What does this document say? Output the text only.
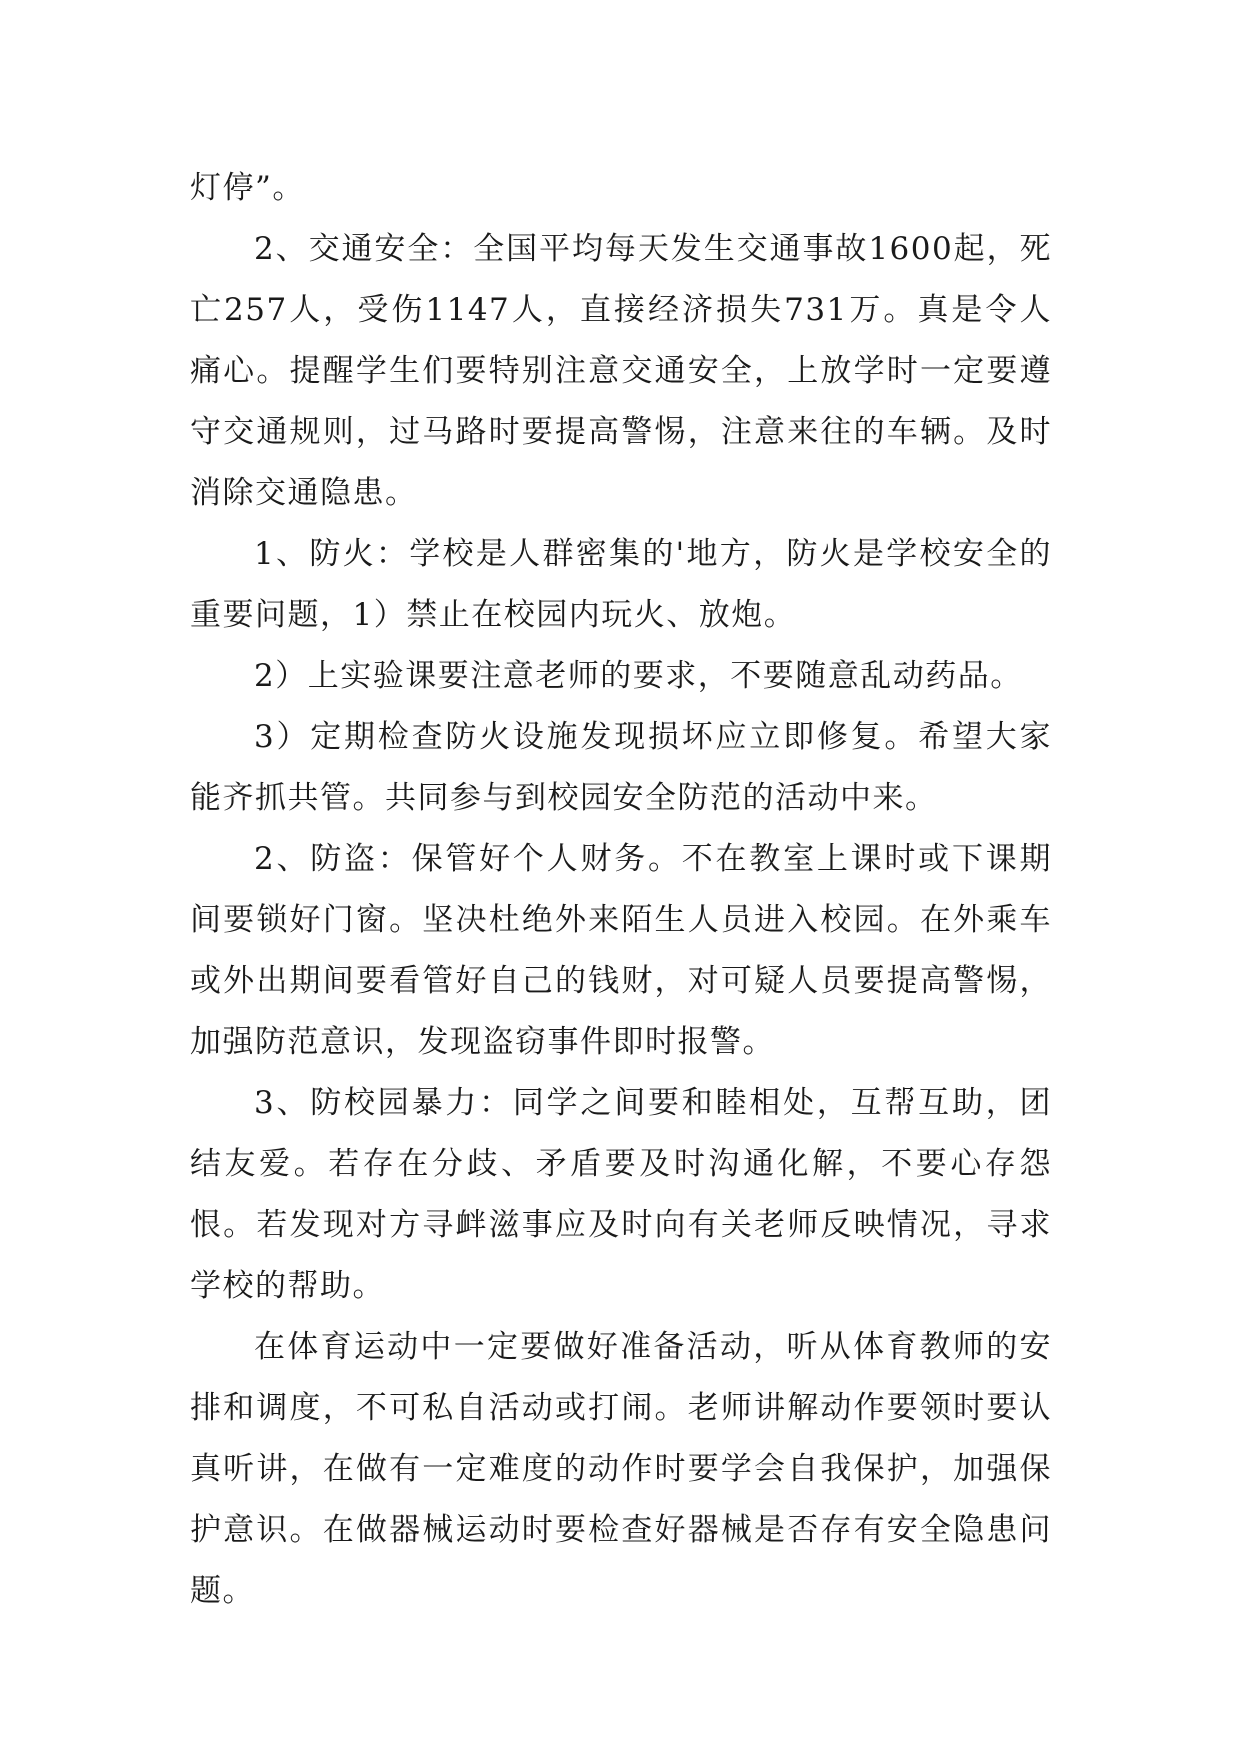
灯停”。

2、交通安全：全国平均每天发生交通事故1600起，死亡257人，受伤1147人，直接经济损失731万。真是令人痛心。提醒学生们要特别注意交通安全，上放学时一定要遵守交通规则，过马路时要提高警惕，注意来往的车辆。及时消除交通隐患。

1、防火：学校是人群密集的'地方，防火是学校安全的重要问题，1）禁止在校园内玩火、放炮。

2）上实验课要注意老师的要求，不要随意乱动药品。

3）定期检查防火设施发现损坏应立即修复。希望大家能齐抓共管。共同参与到校园安全防范的活动中来。

2、防盗：保管好个人财务。不在教室上课时或下课期间要锁好门窗。坚决杜绝外来陌生人员进入校园。在外乘车或外出期间要看管好自己的钱财，对可疑人员要提高警惕，加强防范意识，发现盗窃事件即时报警。

3、防校园暴力：同学之间要和睦相处，互帮互助，团结友爱。若存在分歧、矛盾要及时沟通化解，不要心存怨恨。若发现对方寻衅滋事应及时向有关老师反映情况，寻求学校的帮助。

在体育运动中一定要做好准备活动，听从体育教师的安排和调度，不可私自活动或打闹。老师讲解动作要领时要认真听讲，在做有一定难度的动作时要学会自我保护，加强保护意识。在做器械运动时要检查好器械是否存有安全隐患问题。
